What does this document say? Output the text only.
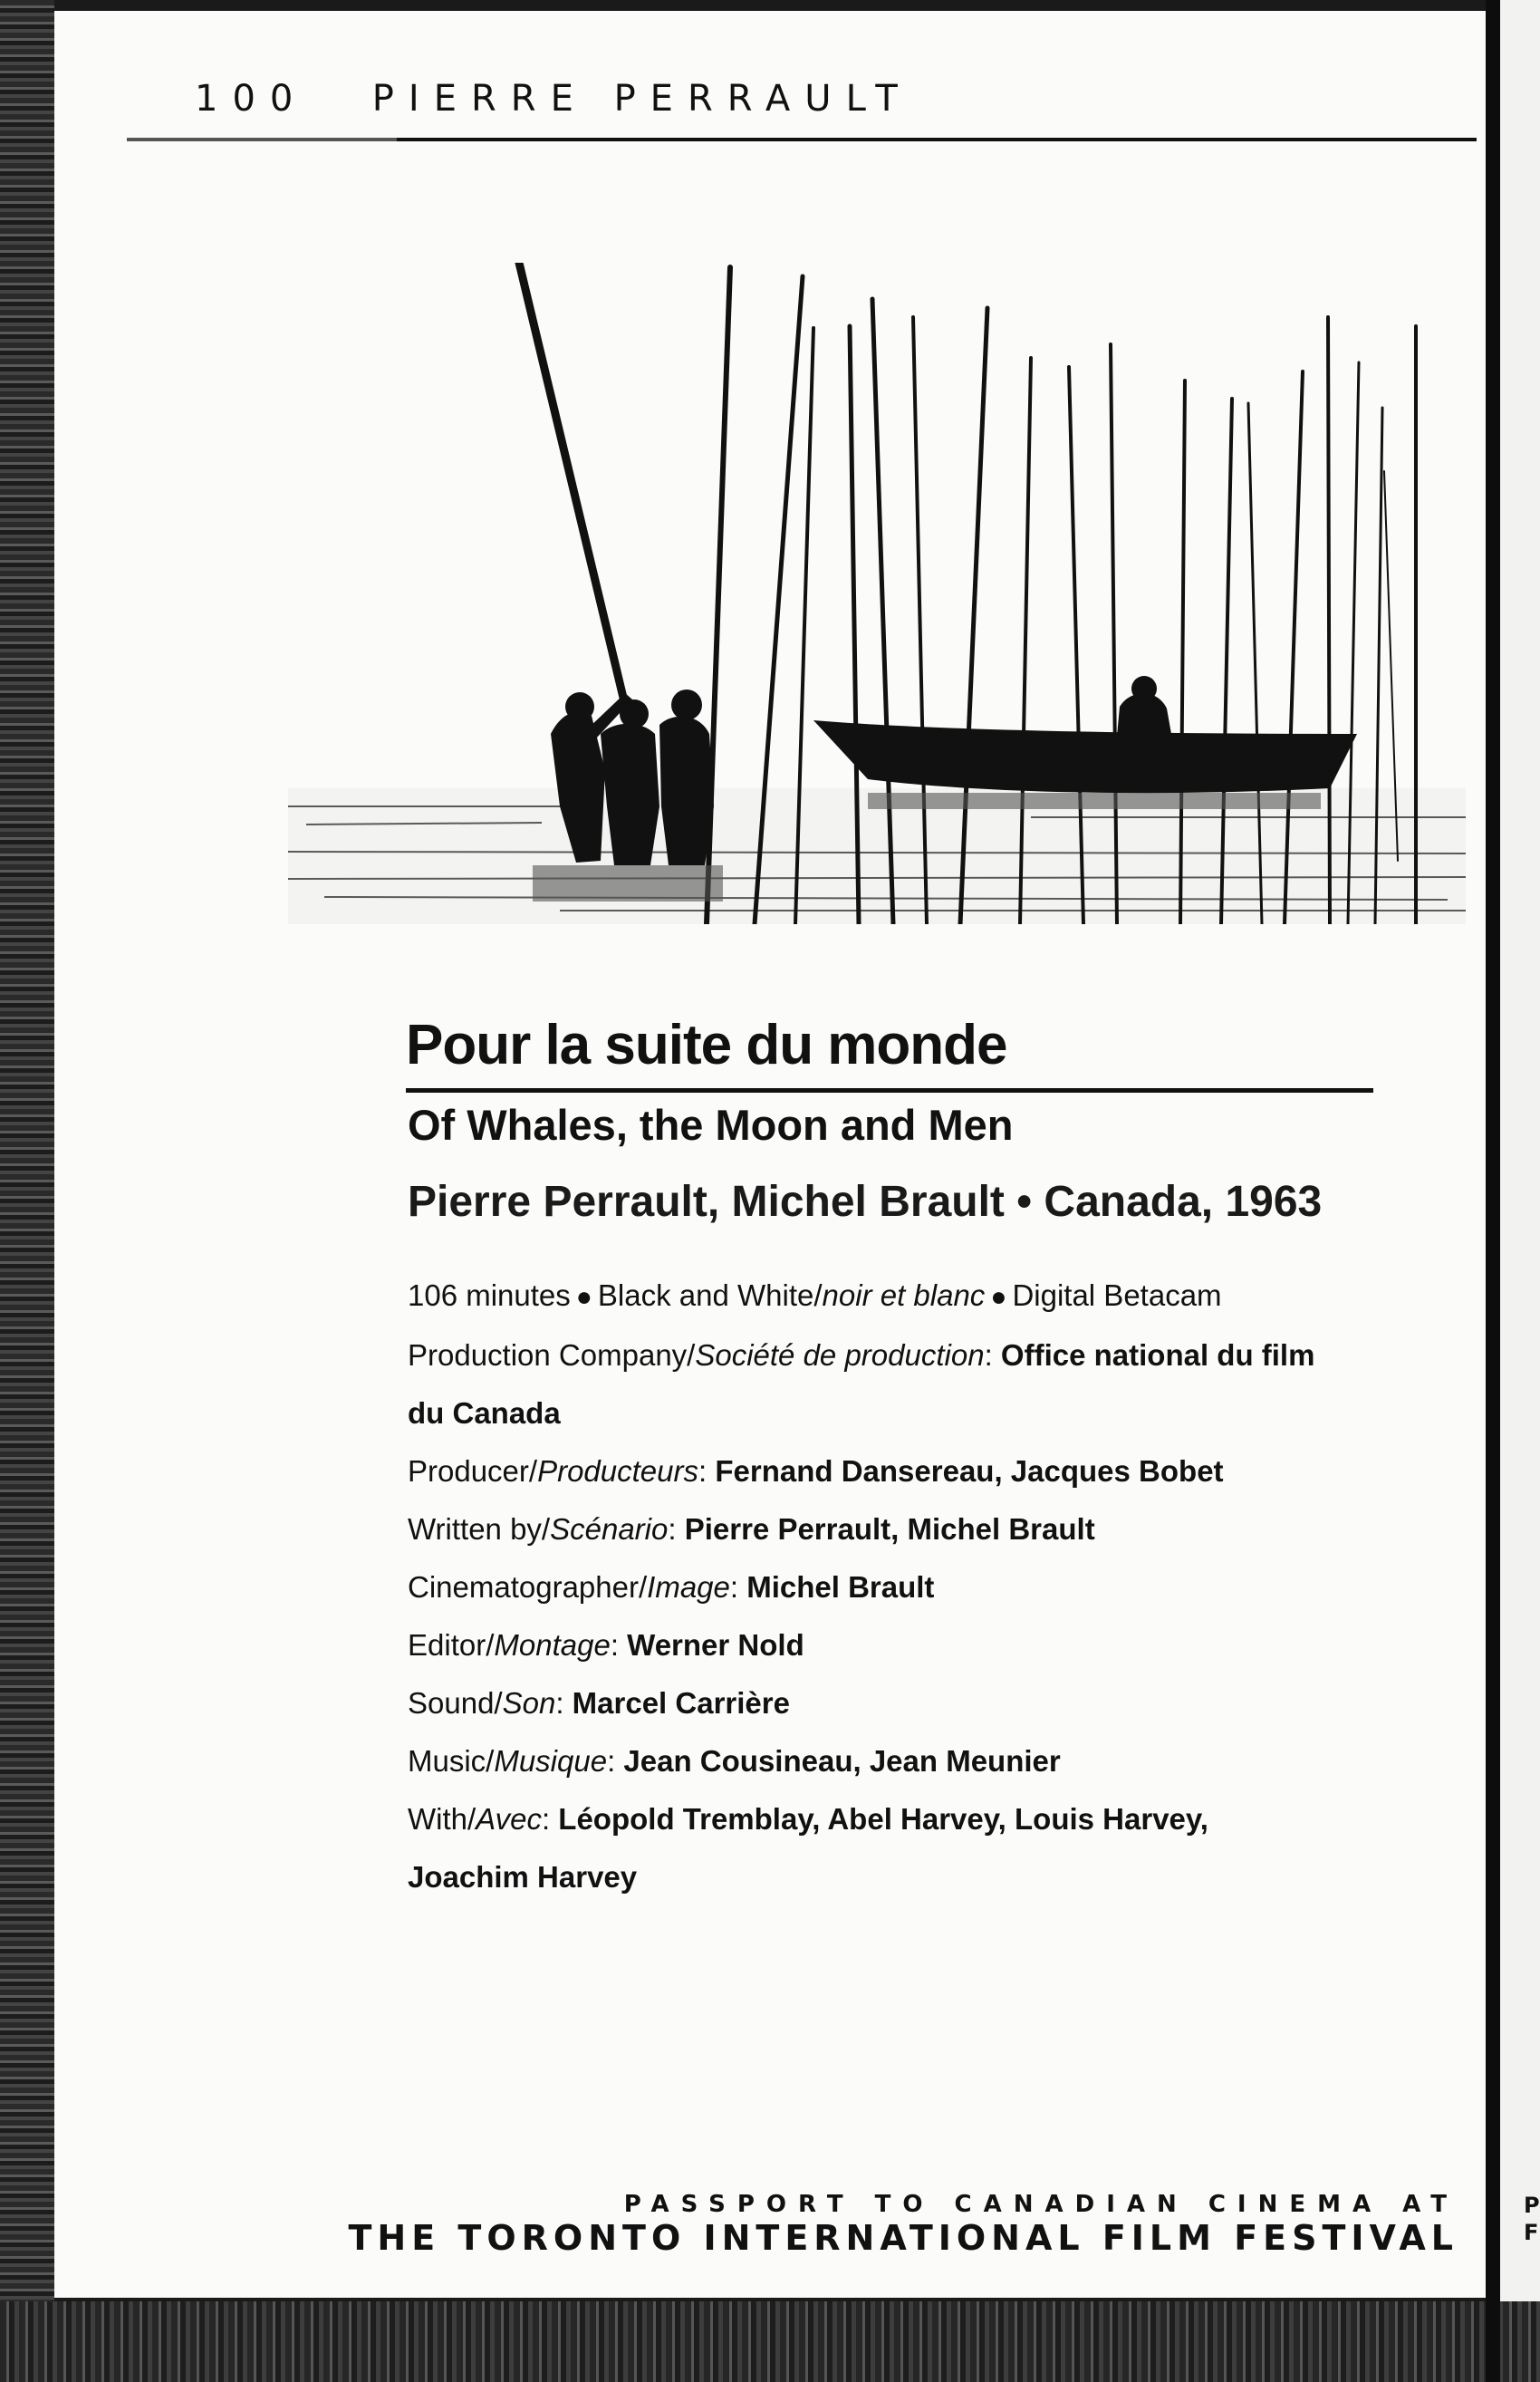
P
F
100 PIERRE PERRAULT
Pour la suite du monde
Of Whales, the Moon and Men
Pierre Perrault, Michel Brault • Canada, 1963
106 minutes ● Black and White/noir et blanc ● Digital Betacam
Production Company/Société de production: Office national du film
du Canada
Producer/Producteurs: Fernand Dansereau, Jacques Bobet
Written by/Scénario: Pierre Perrault, Michel Brault
Cinematographer/Image: Michel Brault
Editor/Montage: Werner Nold
Sound/Son: Marcel Carrière
Music/Musique: Jean Cousineau, Jean Meunier
With/Avec: Léopold Tremblay, Abel Harvey, Louis Harvey,
Joachim Harvey
PASSPORT TO CANADIAN CINEMA AT
THE TORONTO INTERNATIONAL FILM FESTIVAL
